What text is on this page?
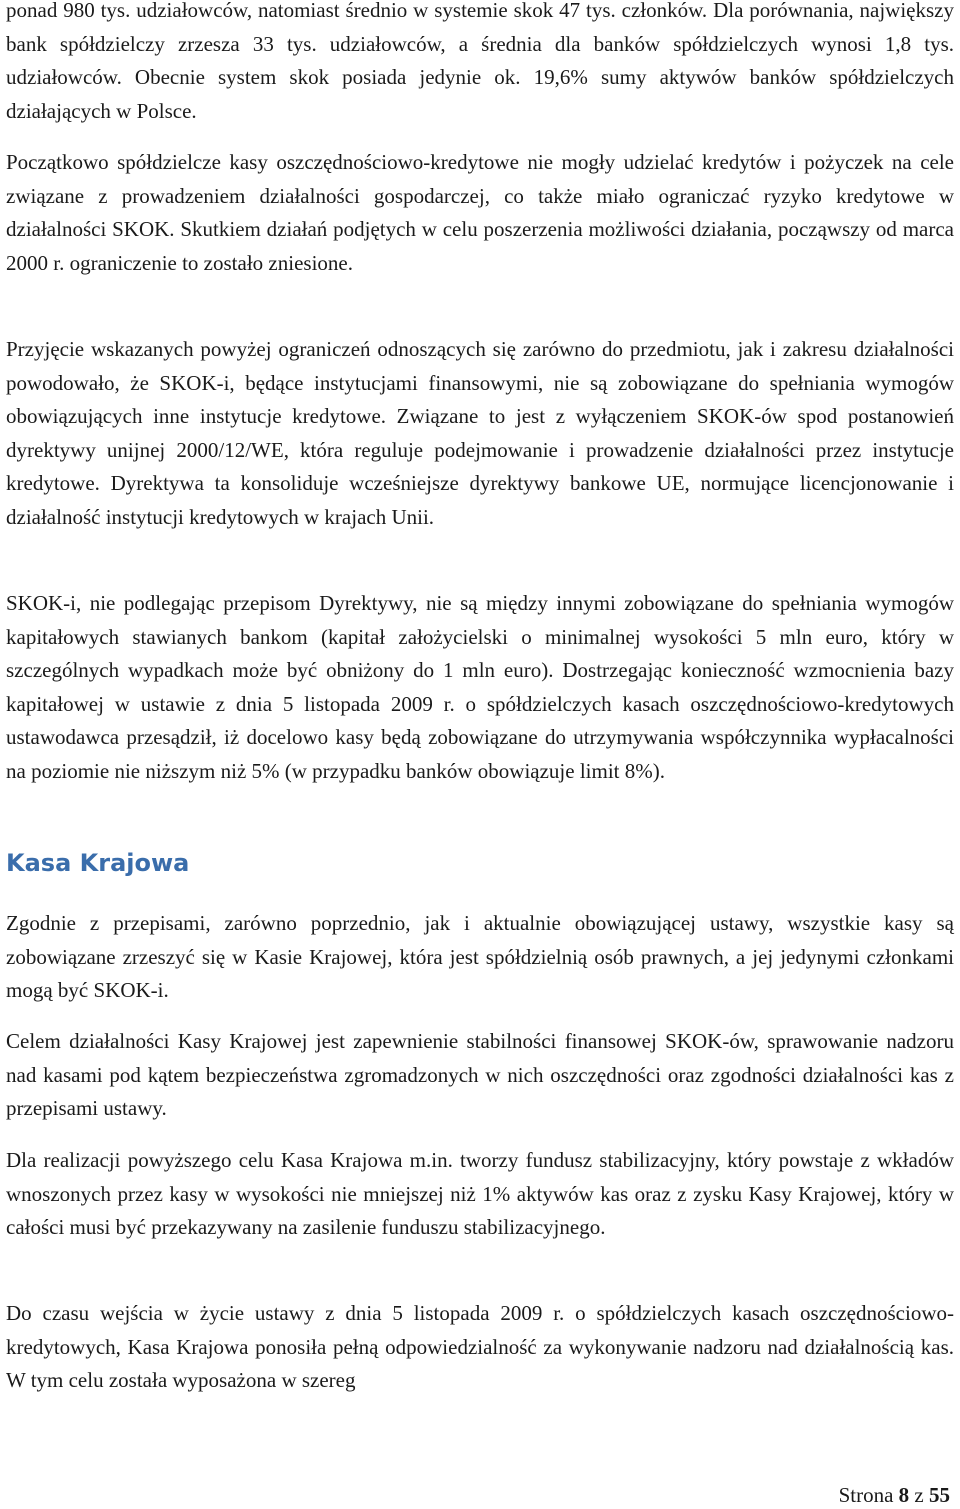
ponad 980 tys. udziałowców, natomiast średnio w systemie skok 47 tys. członków. Dla porównania, największy bank spółdzielczy zrzesza 33 tys. udziałowców, a średnia dla banków spółdzielczych wynosi 1,8 tys. udziałowców. Obecnie system skok posiada jedynie ok. 19,6% sumy aktywów banków spółdzielczych działających w Polsce.

Początkowo spółdzielcze kasy oszczędnościowo-kredytowe nie mogły udzielać kredytów i pożyczek na cele związane z prowadzeniem działalności gospodarczej, co także miało ograniczać ryzyko kredytowe w działalności SKOK. Skutkiem działań podjętych w celu poszerzenia możliwości działania, począwszy od marca 2000 r. ograniczenie to zostało zniesione.

Przyjęcie wskazanych powyżej ograniczeń odnoszących się zarówno do przedmiotu, jak i zakresu działalności powodowało, że SKOK-i, będące instytucjami finansowymi, nie są zobowiązane do spełniania wymogów obowiązujących inne instytucje kredytowe. Związane to jest z wyłączeniem SKOK-ów spod postanowień dyrektywy unijnej 2000/12/WE, która reguluje podejmowanie i prowadzenie działalności przez instytucje kredytowe. Dyrektywa ta konsoliduje wcześniejsze dyrektywy bankowe UE, normujące licencjonowanie i działalność instytucji kredytowych w krajach Unii.

SKOK-i, nie podlegając przepisom Dyrektywy, nie są między innymi zobowiązane do spełniania wymogów kapitałowych stawianych bankom (kapitał założycielski o minimalnej wysokości 5 mln euro, który w szczególnych wypadkach może być obniżony do 1 mln euro). Dostrzegając konieczność wzmocnienia bazy kapitałowej w ustawie z dnia 5 listopada 2009 r. o spółdzielczych kasach oszczędnościowo-kredytowych ustawodawca przesądził, iż docelowo kasy będą zobowiązane do utrzymywania współczynnika wypłacalności na poziomie nie niższym niż 5% (w przypadku banków obowiązuje limit 8%).

Kasa Krajowa

Zgodnie z przepisami, zarówno poprzednio, jak i aktualnie obowiązującej ustawy, wszystkie kasy są zobowiązane zrzeszyć się w Kasie Krajowej, która jest spółdzielnią osób prawnych, a jej jedynymi członkami mogą być SKOK-i.

Celem działalności Kasy Krajowej jest zapewnienie stabilności finansowej SKOK-ów, sprawowanie nadzoru nad kasami pod kątem bezpieczeństwa zgromadzonych w nich oszczędności oraz zgodności działalności kas z przepisami ustawy.

Dla realizacji powyższego celu Kasa Krajowa m.in. tworzy fundusz stabilizacyjny, który powstaje z wkładów wnoszonych przez kasy w wysokości nie mniejszej niż 1% aktywów kas oraz z zysku Kasy Krajowej, który w całości musi być przekazywany na zasilenie funduszu stabilizacyjnego.

Do czasu wejścia w życie ustawy z dnia 5 listopada 2009 r. o spółdzielczych kasach oszczędnościowo-kredytowych, Kasa Krajowa ponosiła pełną odpowiedzialność za wykonywanie nadzoru nad działalnością kas. W tym celu została wyposażona w szereg

Strona 8 z 55
